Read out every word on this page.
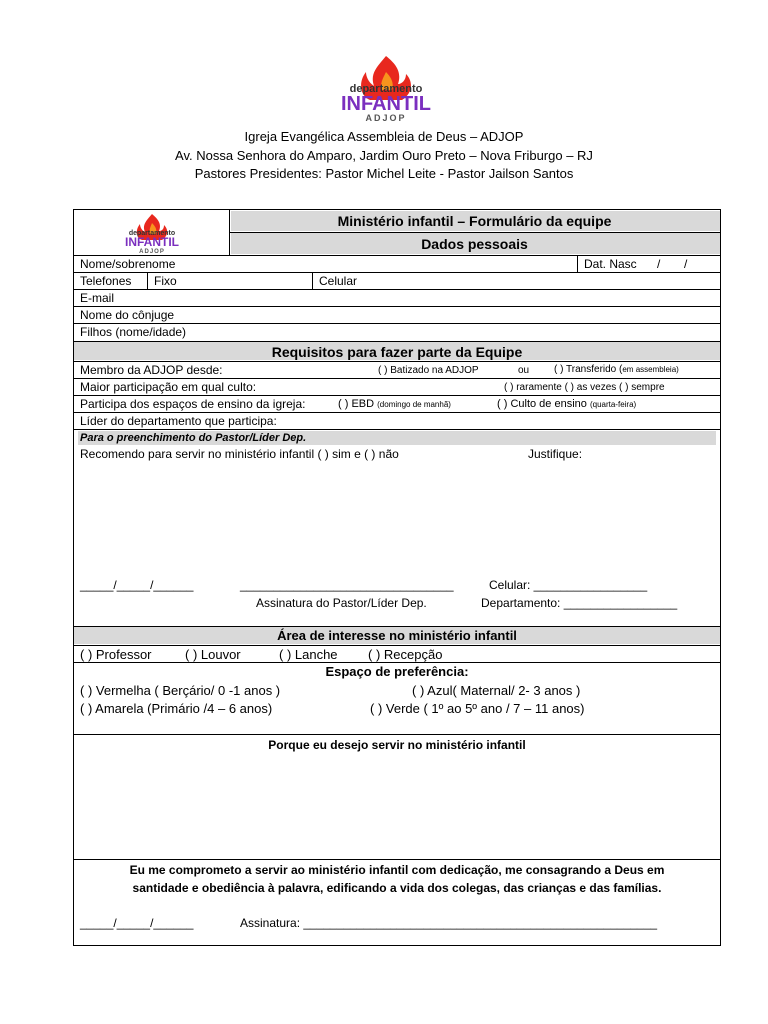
departamento
INFANTIL
ADJOP
Igreja Evangélica Assembleia de Deus – ADJOP
Av. Nossa Senhora do Amparo, Jardim Ouro Preto – Nova Friburgo – RJ
Pastores Presidentes: Pastor Michel Leite - Pastor Jailson Santos
departamento
INFANTIL
ADJOP
Ministério infantil – Formulário da equipe
Dados pessoais
Nome/sobrenome	Dat. Nasc / /
Telefones Fixo	Celular
E-mail
Nome do cônjuge
Filhos (nome/idade)
Requisitos para fazer parte da Equipe
Membro da ADJOP desde:	( ) Batizado na ADJOP	ou ( ) Transferido (em assembleia)
Maior participação em qual culto:	( ) raramente ( ) as vezes ( ) sempre
Participa dos espaços de ensino da igreja:	( ) EBD (domingo de manhã)	( ) Culto de ensino (quarta-feira)
Líder do departamento que participa:
Para o preenchimento do Pastor/Líder Dep.
Recomendo para servir no ministério infantil ( ) sim e ( ) não	Justifique:
_____/_____/______	________________________________	Celular: _________________
Assinatura do Pastor/Líder Dep.	Departamento: _________________
Área de interesse no ministério infantil
( ) Professor	( ) Louvor	( ) Lanche ( ) Recepção
Espaço de preferência:
( ) Vermelha ( Berçário/ 0 -1 anos )	( ) Azul( Maternal/ 2- 3 anos )
( ) Amarela (Primário /4 – 6 anos)	( ) Verde ( 1º ao 5º ano / 7 – 11 anos)
Porque eu desejo servir no ministério infantil
Eu me comprometo a servir ao ministério infantil com dedicação, me consagrando a Deus em
santidade e obediência à palavra, edificando a vida dos colegas, das crianças e das famílias.
_____/_____/______	Assinatura: _____________________________________________________
